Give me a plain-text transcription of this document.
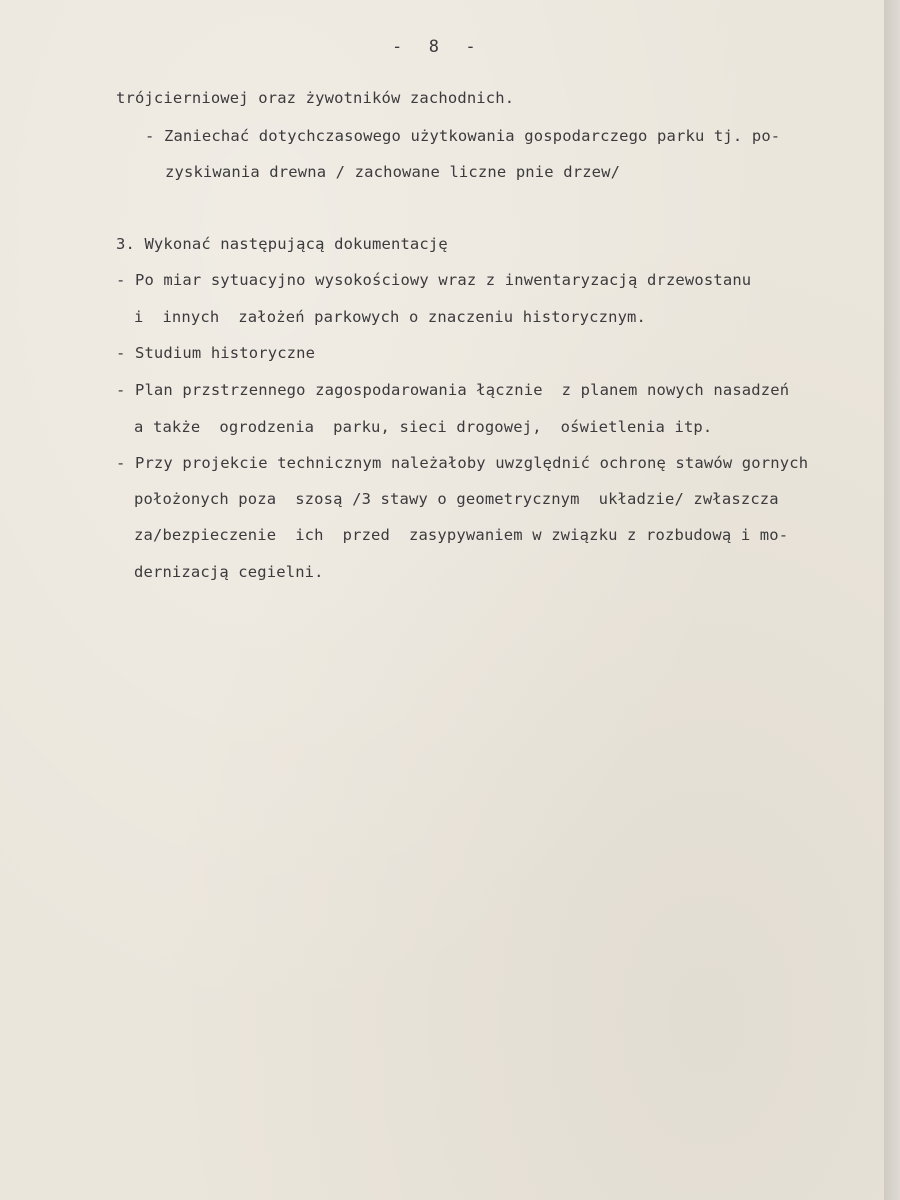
-  8  -
trójcierniowej oraz żywotników zachodnich.
- Zaniechać dotychczasowego użytkowania gospodarczego parku tj. po-
zyskiwania drewna / zachowane liczne pnie drzew/
3. Wykonać następującą dokumentację
- Po miar sytuacyjno wysokościowy wraz z inwentaryzacją drzewostanu
i  innych  założeń parkowych o znaczeniu historycznym.
- Studium historyczne
- Plan przstrzennego zagospodarowania łącznie  z planem nowych nasadzeń
a także  ogrodzenia  parku, sieci drogowej,  oświetlenia itp.
- Przy projekcie technicznym należałoby uwzględnić ochronę stawów gornych
położonych poza  szosą /3 stawy o geometrycznym  układzie/ zwłaszcza
za/bezpieczenie  ich  przed  zasypywaniem w związku z rozbudową i mo-
dernizacją cegielni.
